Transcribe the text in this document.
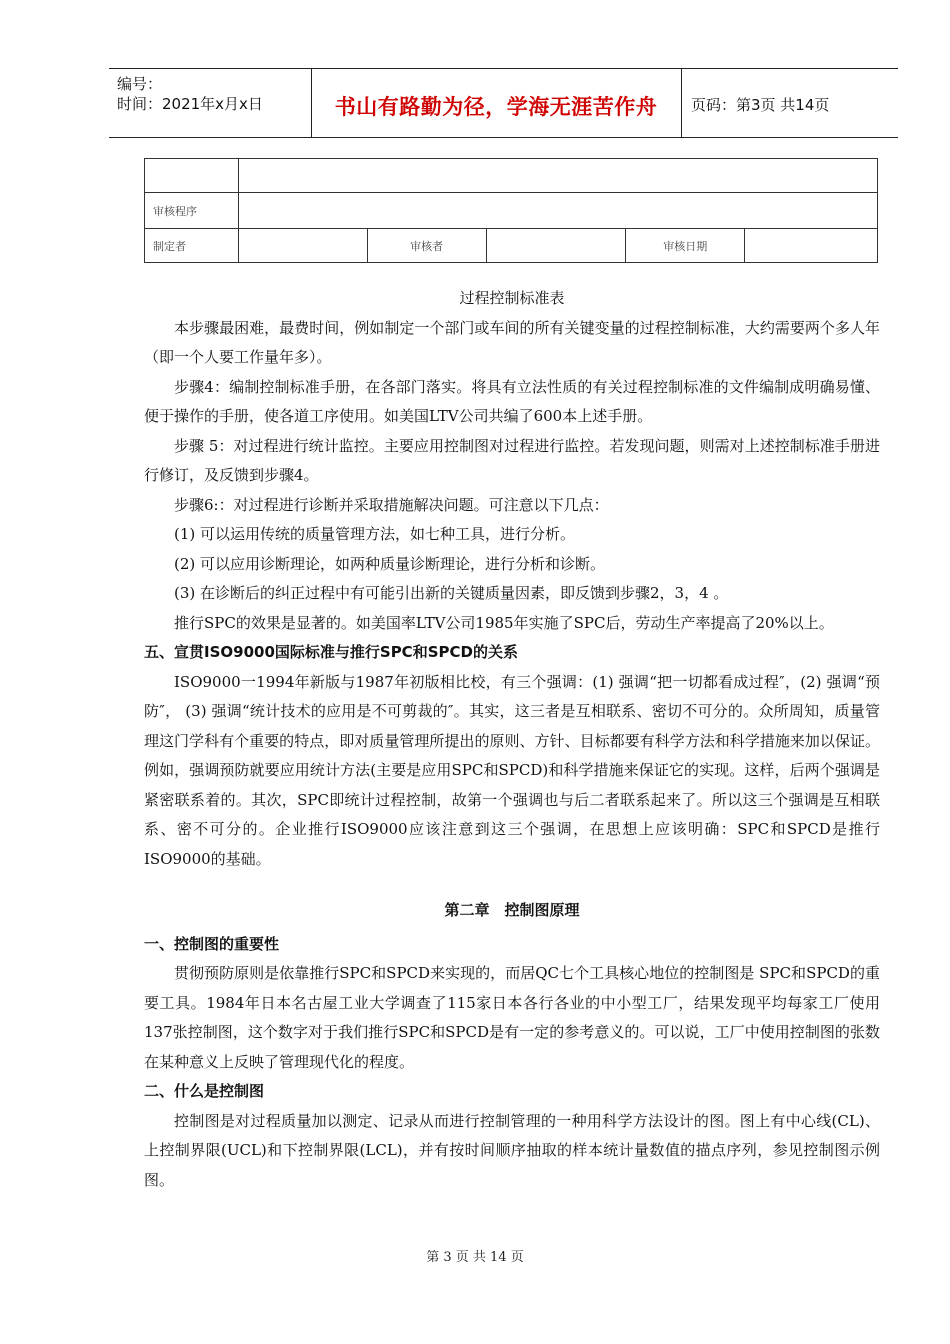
编号：
时间：2021年x月x日	书山有路勤为径，学海无涯苦作舟	页码：第3页 共14页

审核程序					
制定者		审核者		审核日期	

过程控制标准表

本步骤最困难，最费时间，例如制定一个部门或车间的所有关键变量的过程控制标准，大约需要两个多人年（即一个人要工作量年多）。

步骤4：编制控制标准手册，在各部门落实。将具有立法性质的有关过程控制标准的文件编制成明确易懂、便于操作的手册，使各道工序使用。如美国LTV公司共编了600本上述手册。

步骤 5：对过程进行统计监控。主要应用控制图对过程进行监控。若发现问题，则需对上述控制标准手册进行修订，及反馈到步骤4。

步骤6:：对过程进行诊断并采取措施解决问题。可注意以下几点：

(1) 可以运用传统的质量管理方法，如七种工具，进行分析。

(2) 可以应用诊断理论，如两种质量诊断理论，进行分析和诊断。

(3) 在诊断后的纠正过程中有可能引出新的关键质量因素，即反馈到步骤2，3，4 。

推行SPC的效果是显著的。如美国率LTV公司1985年实施了SPC后，劳动生产率提高了20%以上。

五、宣贯ISO9000国际标准与推行SPC和SPCD的关系

ISO9000一1994年新版与1987年初版相比校，有三个强调：(1) 强调“把一切都看成过程″，(2) 强调“预防″， (3) 强调“统计技术的应用是不可剪裁的″。其实，这三者是互相联系、密切不可分的。众所周知，质量管理这门学科有个重要的特点，即对质量管理所提出的原则、方针、目标都要有科学方法和科学措施来加以保证。例如，强调预防就要应用统计方法(主要是应用SPC和SPCD)和科学措施来保证它的实现。这样，后两个强调是紧密联系着的。其次，SPC即统计过程控制，故第一个强调也与后二者联系起来了。所以这三个强调是互相联系、密不可分的。企业推行ISO9000应该注意到这三个强调，在思想上应该明确：SPC和SPCD是推行ISO9000的基础。

第二章　控制图原理

一、控制图的重要性

贯彻预防原则是依靠推行SPC和SPCD来实现的，而居QC七个工具核心地位的控制图是 SPC和SPCD的重要工具。1984年日本名古屋工业大学调查了115家日本各行各业的中小型工厂，结果发现平均每家工厂使用137张控制图，这个数字对于我们推行SPC和SPCD是有一定的参考意义的。可以说，工厂中使用控制图的张数在某种意义上反映了管理现代化的程度。

二、什么是控制图

控制图是对过程质量加以测定、记录从而进行控制管理的一种用科学方法设计的图。图上有中心线(CL)、上控制界限(UCL)和下控制界限(LCL)，并有按时间顺序抽取的样本统计量数值的描点序列，参见控制图示例图。

第 3 页 共 14 页
